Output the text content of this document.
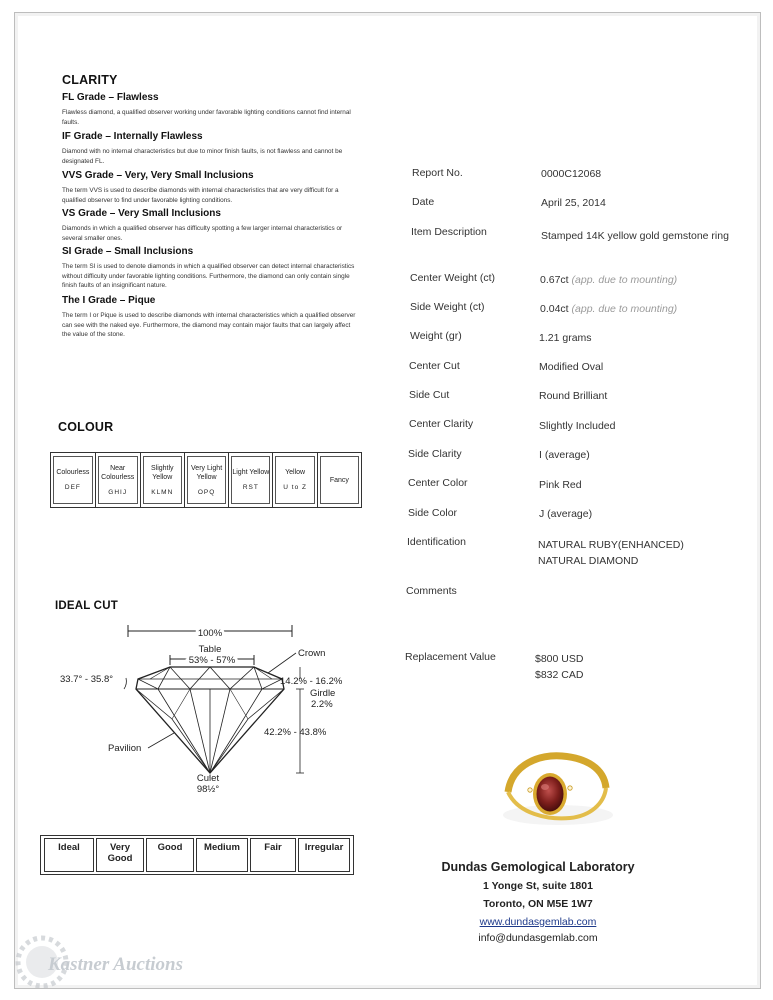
CLARITY
FL Grade – Flawless
Flawless diamond, a qualified observer working under favorable lighting conditions cannot find internal faults.
IF Grade – Internally Flawless
Diamond with no internal characteristics but due to minor finish faults, is not flawless and cannot be designated FL.
VVS Grade – Very, Very Small Inclusions
The term VVS is used to describe diamonds with internal characteristics that are very difficult for a qualified observer to find under favorable lighting conditions.
VS Grade – Very Small Inclusions
Diamonds in which a qualified observer has difficulty spotting a few larger internal characteristics or several smaller ones.
SI Grade – Small Inclusions
The term SI is used to denote diamonds in which a qualified observer can detect internal characteristics without difficulty under favorable lighting conditions. Furthermore, the diamond can only contain single finish faults of an insignificant nature.
The I Grade – Pique
The term I or Pique is used to describe diamonds with internal characteristics which a qualified observer can see with the naked eye. Furthermore, the diamond may contain major faults that can largely affect the value of the stone.
COLOUR
Colourless
DEF

Near Colourless
GHIJ

Slightly Yellow
KLMN

Very Light Yellow
OPQ

Light Yellow
RST

Yellow
U to Z

Fancy
IDEAL CUT
100%
Table
53% - 57%
33.7° - 35.8°
Crown
14.2% - 16.2%
Girdle
2.2%
42.2% - 43.8%
Pavilion
Culet
98½°
Ideal	Very Good
Good	Medium	Fair	Irregular
Report No.	0000C12068
Date	April 25, 2014
Item Description	Stamped 14K yellow gold gemstone ring
Center Weight (ct)	0.67ct (app. due to mounting)
Side Weight (ct)	0.04ct (app. due to mounting)
Weight (gr)	1.21 grams
Center Cut	Modified Oval
Side Cut	Round Brilliant
Center Clarity	Slightly Included
Side Clarity	I (average)
Center Color	Pink Red
Side Color	J (average)
Identification	NATURAL RUBY(ENHANCED)
NATURAL DIAMOND
Comments
Replacement Value	$800 USD
$832 CAD
Dundas Gemological Laboratory
1 Yonge St, suite 1801
Toronto, ON M5E 1W7
www.dundasgemlab.com
info@dundasgemlab.com
Kastner Auctions
